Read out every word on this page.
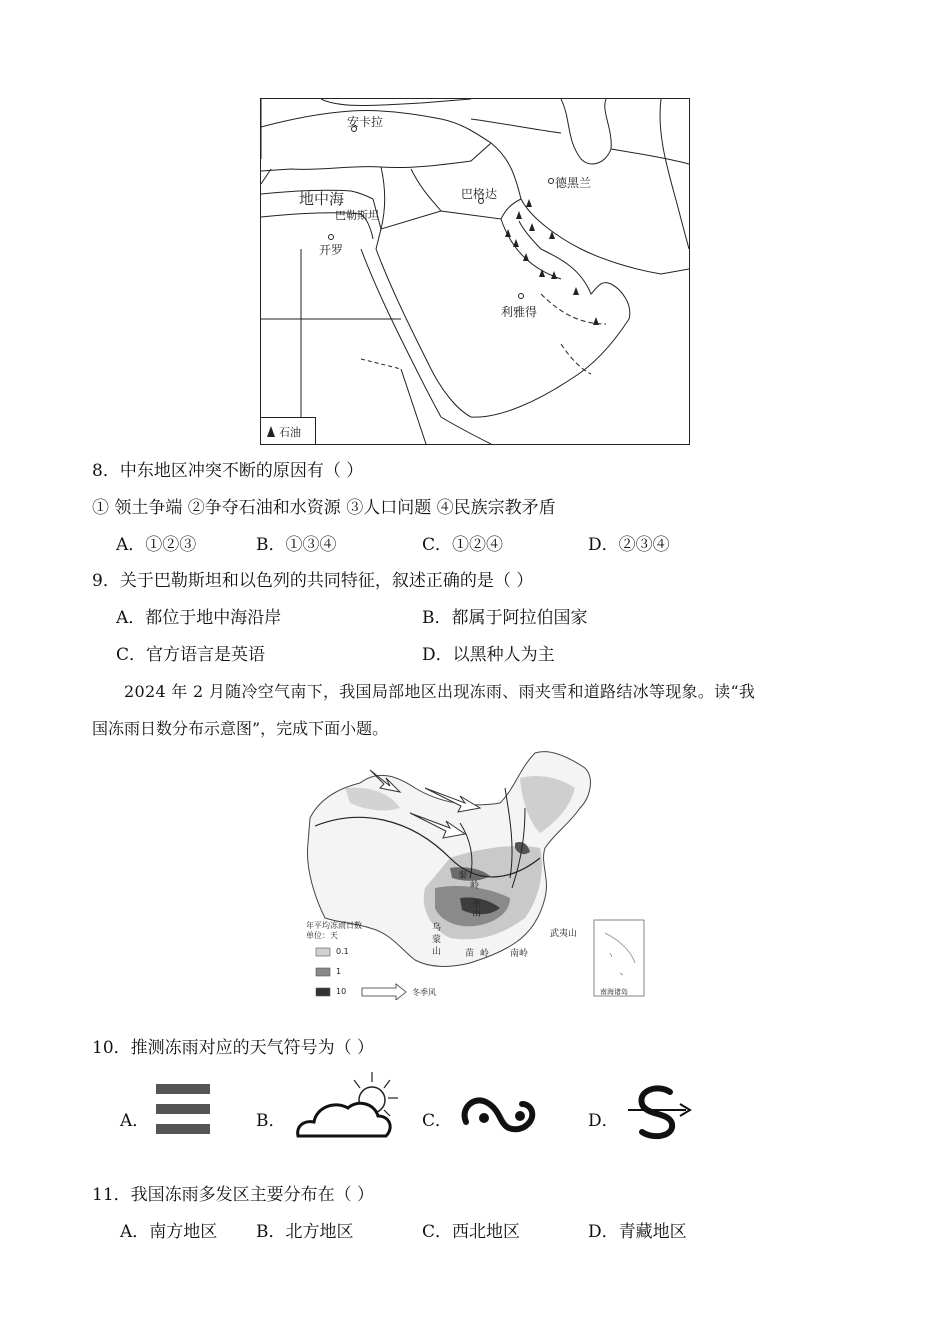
安卡拉
地中海
巴勒斯坦
开罗
巴格达
德黑兰
利雅得
石油
8．中东地区冲突不断的原因有（ ）
① 领土争端 ②争夺石油和水资源 ③人口问题 ④民族宗教矛盾
A．①②③	B．①③④	C．①②④	D．②③④
9．关于巴勒斯坦和以色列的共同特征，叙述正确的是（ ）
A．都位于地中海沿岸	B．都属于阿拉伯国家
C．官方语言是英语	D．以黑种人为主
2024 年 2 月随冷空气南下，我国局部地区出现冻雨、雨夹雪和道路结冰等现象。读“我
国冻雨日数分布示意图”，完成下面小题。
年平均冻雨日数
单位：天
0.1
1
10	冬季风
秦
岭
巫
山
乌
蒙
山	苗 岭 南岭
武夷山
南海诸岛
10．推测冻雨对应的天气符号为（ ）
A．	B．	C．	D．
11．我国冻雨多发区主要分布在（ ）
A．南方地区 B．北方地区	C．西北地区	D．青藏地区
